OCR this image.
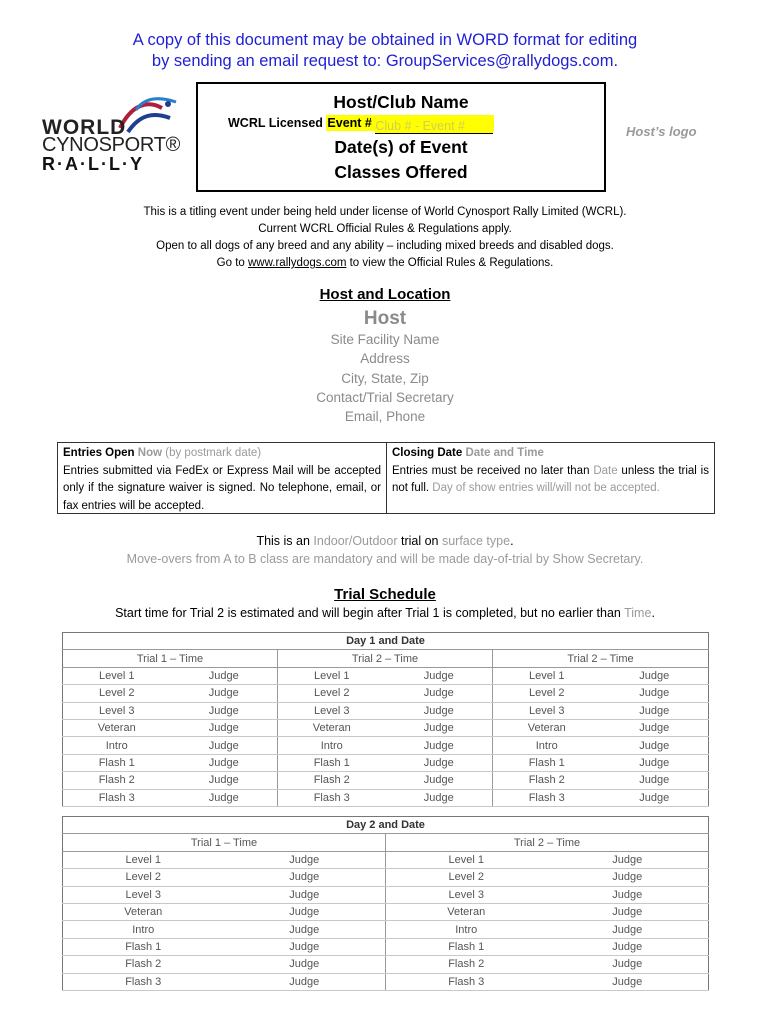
A copy of this document may be obtained in WORD format for editing
by sending an email request to: GroupServices@rallydogs.com.
WORLD
CYNOSPORT®
R·A·L·L·Y
Host/Club Name
WCRL Licensed Event # Club # - Event #
Date(s) of Event
Classes Offered
Host’s logo
This is a titling event under being held under license of World Cynosport Rally Limited (WCRL).
Current WCRL Official Rules & Regulations apply.
Open to all dogs of any breed and any ability – including mixed breeds and disabled dogs.
Go to www.rallydogs.com to view the Official Rules & Regulations.
Host and Location
Host
Site Facility Name
Address
City, State, Zip
Contact/Trial Secretary
Email, Phone
Entries Open Now (by postmark date)
Entries submitted via FedEx or Express Mail will be accepted only if the signature waiver is signed. No telephone, email, or fax entries will be accepted.
Closing Date Date and Time
Entries must be received no later than Date unless the trial is not full. Day of show entries will/will not be accepted.
This is an Indoor/Outdoor trial on surface type.
Move-overs from A to B class are mandatory and will be made day-of-trial by Show Secretary.
Trial Schedule
Start time for Trial 2 is estimated and will begin after Trial 1 is completed, but no earlier than Time.
Day 1 and Date					
Trial 1 – Time		Trial 2 – Time		Trial 2 – Time	
Level 1	Judge	Level 1	Judge	Level 1	Judge
Level 2	Judge	Level 2	Judge	Level 2	Judge
Level 3	Judge	Level 3	Judge	Level 3	Judge
Veteran	Judge	Veteran	Judge	Veteran	Judge
Intro	Judge	Intro	Judge	Intro	Judge
Flash 1	Judge	Flash 1	Judge	Flash 1	Judge
Flash 2	Judge	Flash 2	Judge	Flash 2	Judge
Flash 3	Judge	Flash 3	Judge	Flash 3	Judge
Day 2 and Date			
Trial 1 – Time		Trial 2 – Time	
Level 1	Judge	Level 1	Judge
Level 2	Judge	Level 2	Judge
Level 3	Judge	Level 3	Judge
Veteran	Judge	Veteran	Judge
Intro	Judge	Intro	Judge
Flash 1	Judge	Flash 1	Judge
Flash 2	Judge	Flash 2	Judge
Flash 3	Judge	Flash 3	Judge
